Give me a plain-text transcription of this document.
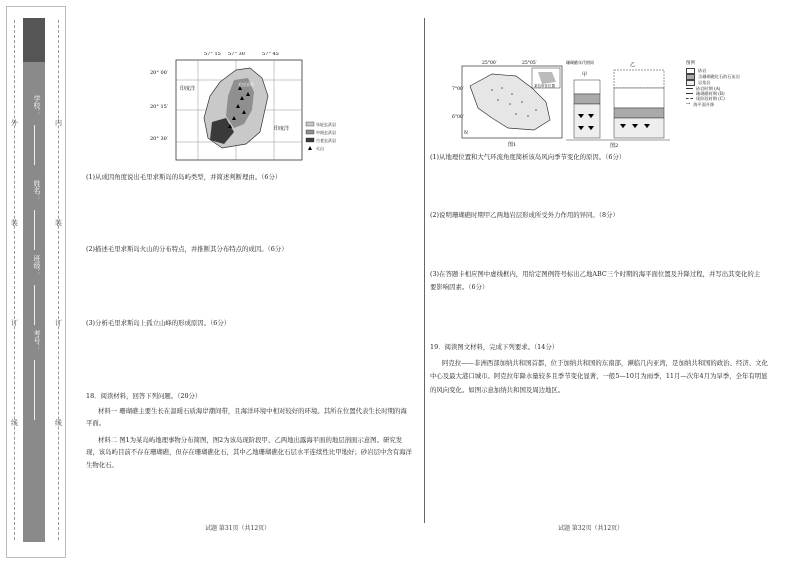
外
装
订
线
内
装
订
线
学校：
姓名：
班级：
考号：
57° 15′ 57° 30′	57° 45′
20° 00′
20° 15′
20° 30′
印度洋
印度洋
毛里求斯
年轻玄武岩
中间玄武岩
古老玄武岩
火山
(1)从成因角度说出毛里求斯岛的岛屿类型，并简述判断理由。（6分）
(2)描述毛里求斯岛火山的分布特点，并推断其分布特点的成因。（6分）
(3)分析毛里求斯岛上孤立山峰的形成原因。（6分）
18．阅读材料，回答下列问题。（20分）
材料一 珊瑚礁主要生长在温暖石质海岸潮间带，且海洋环境中相对较好的环境。其所在位置代表生长时期的海平面。
材料二 图1为某岛屿地理事物分布简图，图2为该岛现阶段甲、乙两地出露海平面的地层剖面示意图。研究发现，该岛屿目前不存在珊瑚礁，但存在珊瑚礁化石，其中乙地珊瑚礁化石层水平连续性比甲地好；砂岩层中含有海洋生物化石。
试题 第31页（共12页）
某岛所在位置
25°00′	25°05′
7°00′
6°00′
N
图1
珊瑚礁年代相同
甲
乙
图2
图例
砂岩
含珊瑚礁化石的石灰岩
岩浆岩
砂岩时期 (A)
珊瑚礁时期 (B)
现阶段时期 (C)
→ 海平面升降
(1)从地理位置和大气环流角度简析该岛风向季节变化的原因。（6分）
(2)说明珊瑚礁时期甲乙两地岩层形成所受外力作用的异同。（8分）
(3)在答题卡相应图中虚线框内，用给定图例符号标出乙地ABC三个时期的海平面位置及升降过程，并写出其变化的主要影响因素。（6分）
19．阅读图文材料，完成下列要求。（14分）
阿克拉——非洲西部加纳共和国首都，位于加纳共和国的东南部，濒临几内亚湾，是加纳共和国的政治、经济、文化中心及最大港口城市。阿克拉年降水量较多且季节变化显著，一般5—10月为雨季，11月—次年4月为旱季，全年有明显的风向变化。如图示意加纳共和国及周边地区。
试题 第32页（共12页）
